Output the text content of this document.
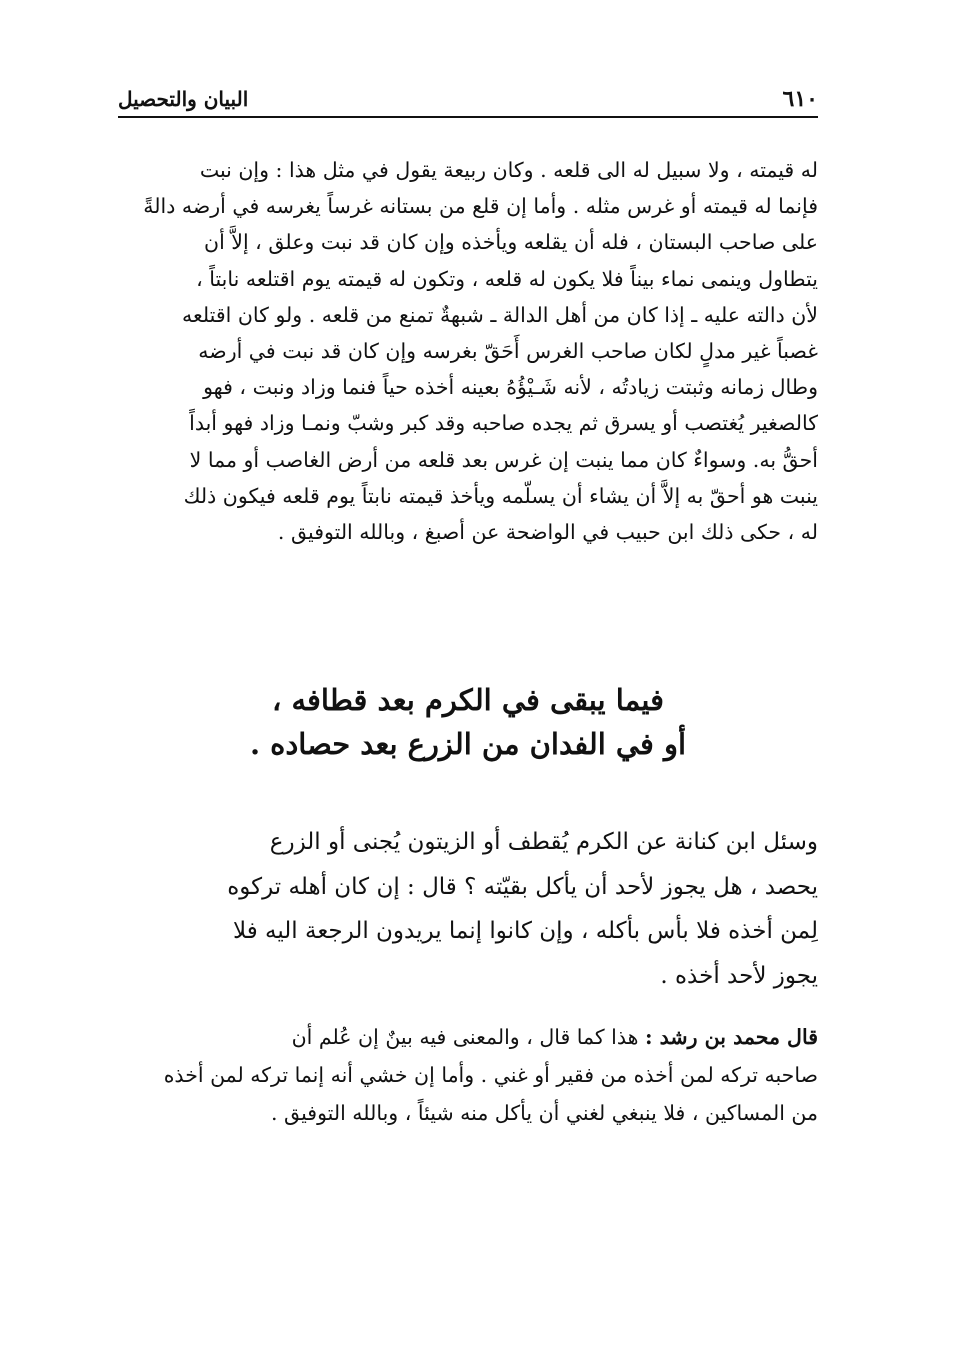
٦١٠
البيان والتحصيل
له قيمته ، ولا سبيل له الى قلعه . وكان ربيعة يقول في مثل هذا : وإن نبت
فإنما له قيمته أو غرس مثله . وأما إن قلع من بستانه غرساً يغرسه في أرضه دالةً
على صاحب البستان ، فله أن يقلعه ويأخذه وإن كان قد نبت وعلق ، إلاَّ أن
يتطاول وينمى نماء بيناً فلا يكون له قلعه ، وتكون له قيمته يوم اقتلعه نابتاً ،
لأن دالته عليه ـ إذا كان من أهل الدالة ـ شبهةٌ تمنع من قلعه . ولو كان اقتلعه
غصباً غير مدلٍ لكان صاحب الغرس أَحَقّ بغرسه وإن كان قد نبت في أرضه
وطال زمانه وثبتت زيادتُه ، لأنه شَـيْؤُهُ بعينه أخذه حياً فنما وزاد ونبت ، فهو
كالصغير يُغتصب أو يسرق ثم يجده صاحبه وقد كبر وشبّ ونمـا وزاد فهو أبداً
أحقُّ به. وسواءٌ كان مما ينبت إن غرس بعد قلعه من أرض الغاصب أو مما لا
ينبت هو أحقّ به إلاَّ أن يشاء أن يسلّمه ويأخذ قيمته نابتاً يوم قلعه فيكون ذلك
له ، حكى ذلك ابن حبيب في الواضحة عن أصبغ ، وبالله التوفيق .
فيما يبقى في الكرم بعد قطافه ،
أو في الفدان من الزرع بعد حصاده .
وسئل ابن كنانة عن الكرم يُقطف أو الزيتون يُجنى أو الزرع
يحصد ، هل يجوز لأحد أن يأكل بقيّته ؟ قال : إن كان أهله تركوه
لِمن أخذه فلا بأس بأكله ، وإن كانوا إنما يريدون الرجعة اليه فلا
يجوز لأحد أخذه .
قال محمد بن رشد : هذا كما قال ، والمعنى فيه بينٌ إن عُلم أن
صاحبه تركه لمن أخذه من فقير أو غني . وأما إن خشي أنه إنما تركه لمن أخذه
من المساكين ، فلا ينبغي لغني أن يأكل منه شيئاً ، وبالله التوفيق .
